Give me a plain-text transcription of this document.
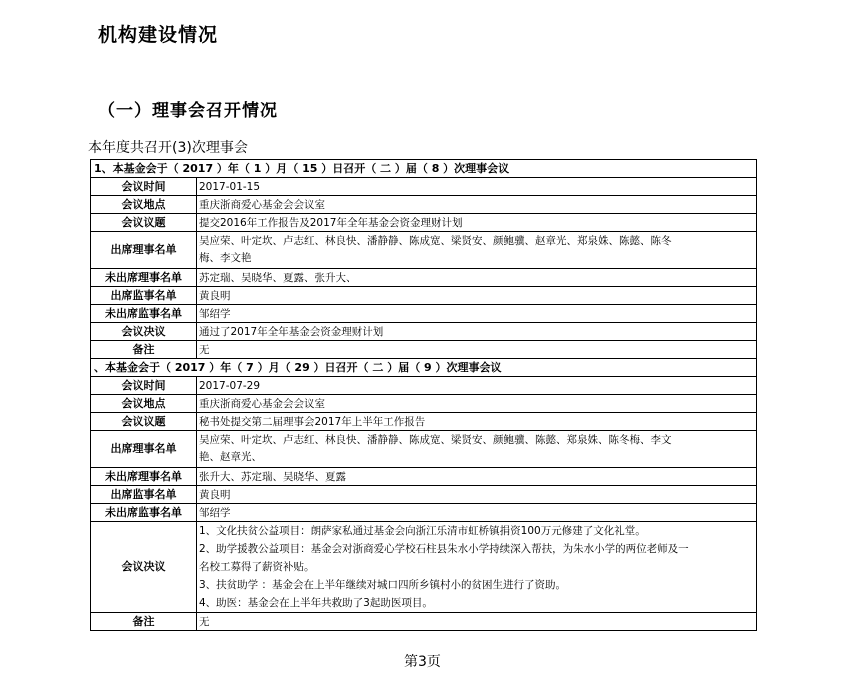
机构建设情况
（一）理事会召开情况
本年度共召开(3)次理事会
1、本基金会于（ 2017 ）年（ 1 ）月（ 15 ）日召开（ 二 ）届（ 8 ）次理事会议	
会议时间	2017-01-15
会议地点	重庆浙商爱心基金会会议室
会议议题	提交2016年工作报告及2017年全年基金会资金理财计划
出席理事名单	吴应荣、叶定坎、卢志红、林良快、潘静静、陈成宽、梁贤安、颜鲍骥、赵章光、郑泉姝、陈懿、陈冬
梅、李文艳

未出席理事名单	苏定瑞、吴晓华、夏露、张升大、
出席监事名单	黄良明
未出席监事名单	邹绍学
会议决议	通过了2017年全年基金会资金理财计划
备注	无
、本基金会于（ 2017 ）年（ 7 ）月（ 29 ）日召开（ 二 ）届（ 9 ）次理事会议	
会议时间	2017-07-29
会议地点	重庆浙商爱心基金会会议室
会议议题	秘书处提交第二届理事会2017年上半年工作报告
出席理事名单	吴应荣、叶定坎、卢志红、林良快、潘静静、陈成宽、梁贤安、颜鲍骥、陈懿、郑泉姝、陈冬梅、李文
艳、赵章光、

未出席理事名单	张升大、苏定瑞、吴晓华、夏露
出席监事名单	黄良明
未出席监事名单	邹绍学
会议决议	1、文化扶贫公益项目：朗萨家私通过基金会向浙江乐清市虹桥镇捐资100万元修建了文化礼堂。
2、助学援教公益项目：基金会对浙商爱心学校石柱县朱水小学持续深入帮扶，为朱水小学的两位老师及一
名校工募得了薪资补贴。
3、扶贫助学 ：基金会在上半年继续对城口四所乡镇村小的贫困生进行了资助。
4、助医：基金会在上半年共救助了3起助医项目。

备注	无
第3页
